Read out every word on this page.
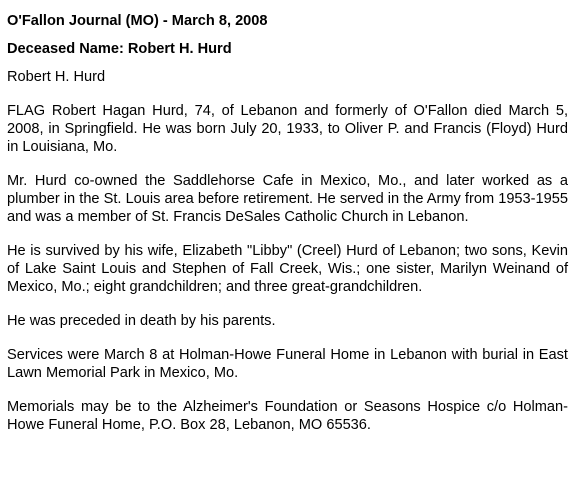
O'Fallon Journal (MO) - March 8, 2008
Deceased Name: Robert H. Hurd

Robert H. Hurd

FLAG Robert Hagan Hurd, 74, of Lebanon and formerly of O'Fallon died March 5, 2008, in Springfield. He was born July 20, 1933, to Oliver P. and Francis (Floyd) Hurd in Louisiana, Mo.

Mr. Hurd co-owned the Saddlehorse Cafe in Mexico, Mo., and later worked as a plumber in the St. Louis area before retirement. He served in the Army from 1953-1955 and was a member of St. Francis DeSales Catholic Church in Lebanon.

He is survived by his wife, Elizabeth "Libby" (Creel) Hurd of Lebanon; two sons, Kevin of Lake Saint Louis and Stephen of Fall Creek, Wis.; one sister, Marilyn Weinand of Mexico, Mo.; eight grandchildren; and three great-grandchildren.

He was preceded in death by his parents.

Services were March 8 at Holman-Howe Funeral Home in Lebanon with burial in East Lawn Memorial Park in Mexico, Mo.

Memorials may be to the Alzheimer's Foundation or Seasons Hospice c/o Holman-Howe Funeral Home, P.O. Box 28, Lebanon, MO 65536.
